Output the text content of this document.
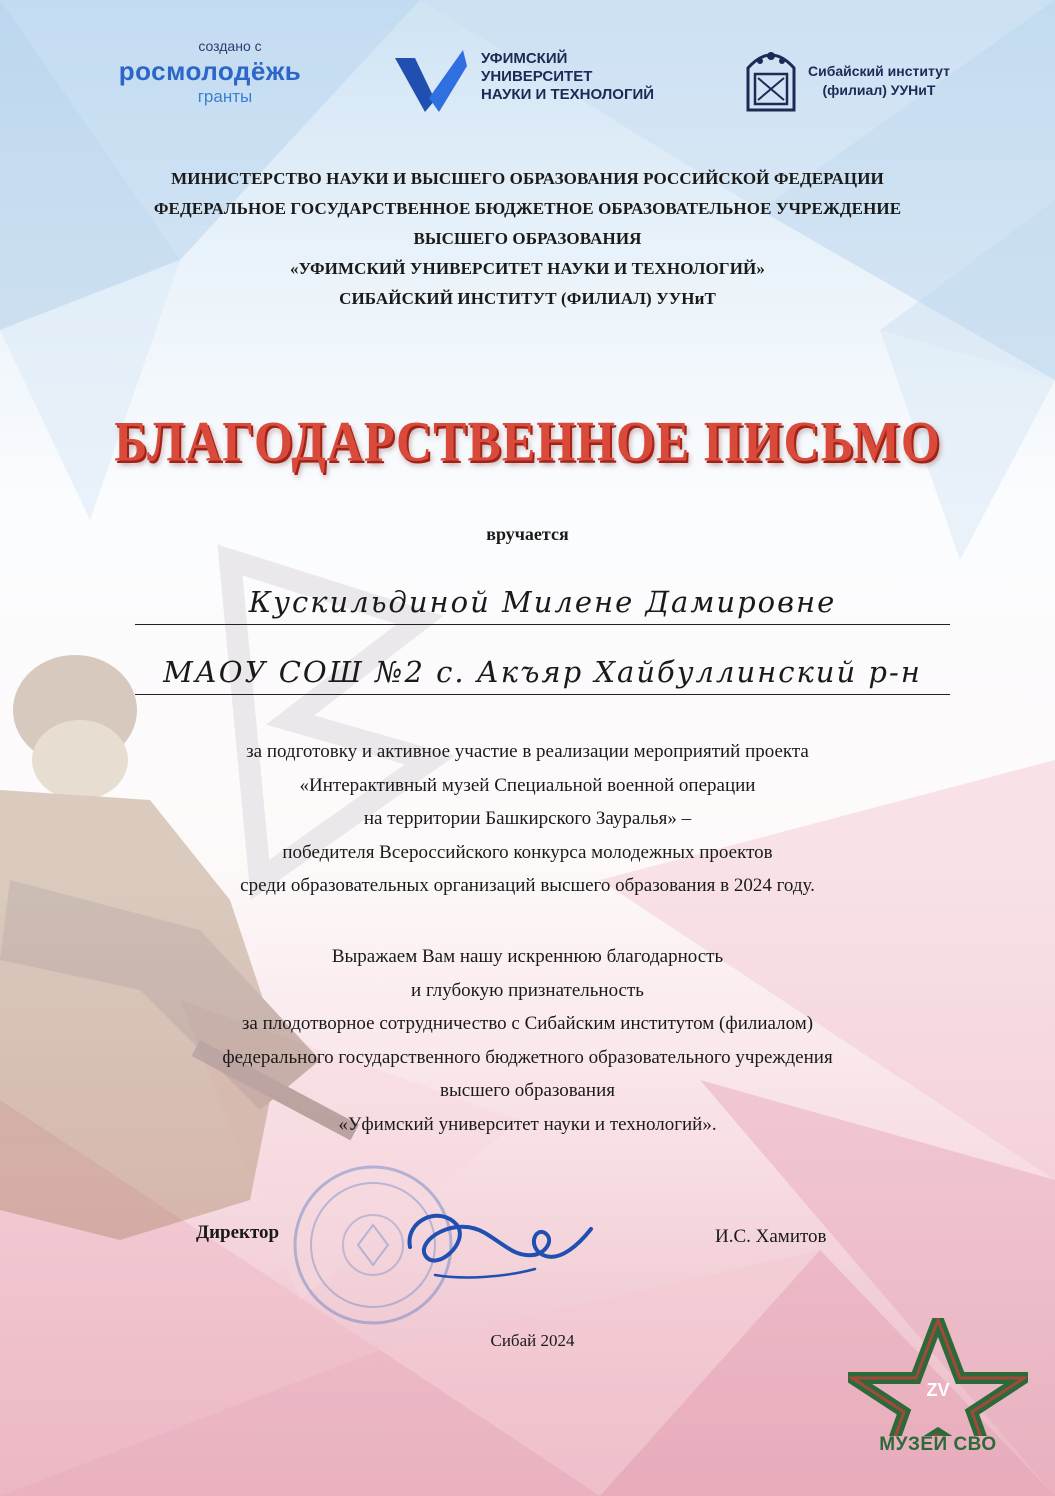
создано с
росмолодёжь
гранты
УФИМСКИЙ
УНИВЕРСИТЕТ
НАУКИ И ТЕХНОЛОГИЙ
Сибайский институт
(филиал) УУНиТ
МИНИСТЕРСТВО НАУКИ И ВЫСШЕГО ОБРАЗОВАНИЯ РОССИЙСКОЙ ФЕДЕРАЦИИ
ФЕДЕРАЛЬНОЕ ГОСУДАРСТВЕННОЕ БЮДЖЕТНОЕ ОБРАЗОВАТЕЛЬНОЕ УЧРЕЖДЕНИЕ
ВЫСШЕГО ОБРАЗОВАНИЯ
«УФИМСКИЙ УНИВЕРСИТЕТ НАУКИ И ТЕХНОЛОГИЙ»
СИБАЙСКИЙ ИНСТИТУТ (ФИЛИАЛ) УУНиТ
БЛАГОДАРСТВЕННОЕ ПИСЬМО
вручается
Кускильдиной Милене Дамировне
МАОУ СОШ №2 с. Акъяр Хайбуллинский р-н
за подготовку и активное участие в реализации мероприятий проекта
«Интерактивный музей Специальной военной операции
на территории Башкирского Зауралья» –
победителя Всероссийского конкурса молодежных проектов
среди образовательных организаций высшего образования в 2024 году.
Выражаем Вам нашу искреннюю благодарность
и глубокую признательность
за плодотворное сотрудничество с Сибайским институтом (филиалом)
федерального государственного бюджетного образовательного учреждения
высшего образования
«Уфимский университет науки и технологий».
Директор	И.С. Хамитов
Сибай 2024
ZV
МУЗЕЙ СВО
